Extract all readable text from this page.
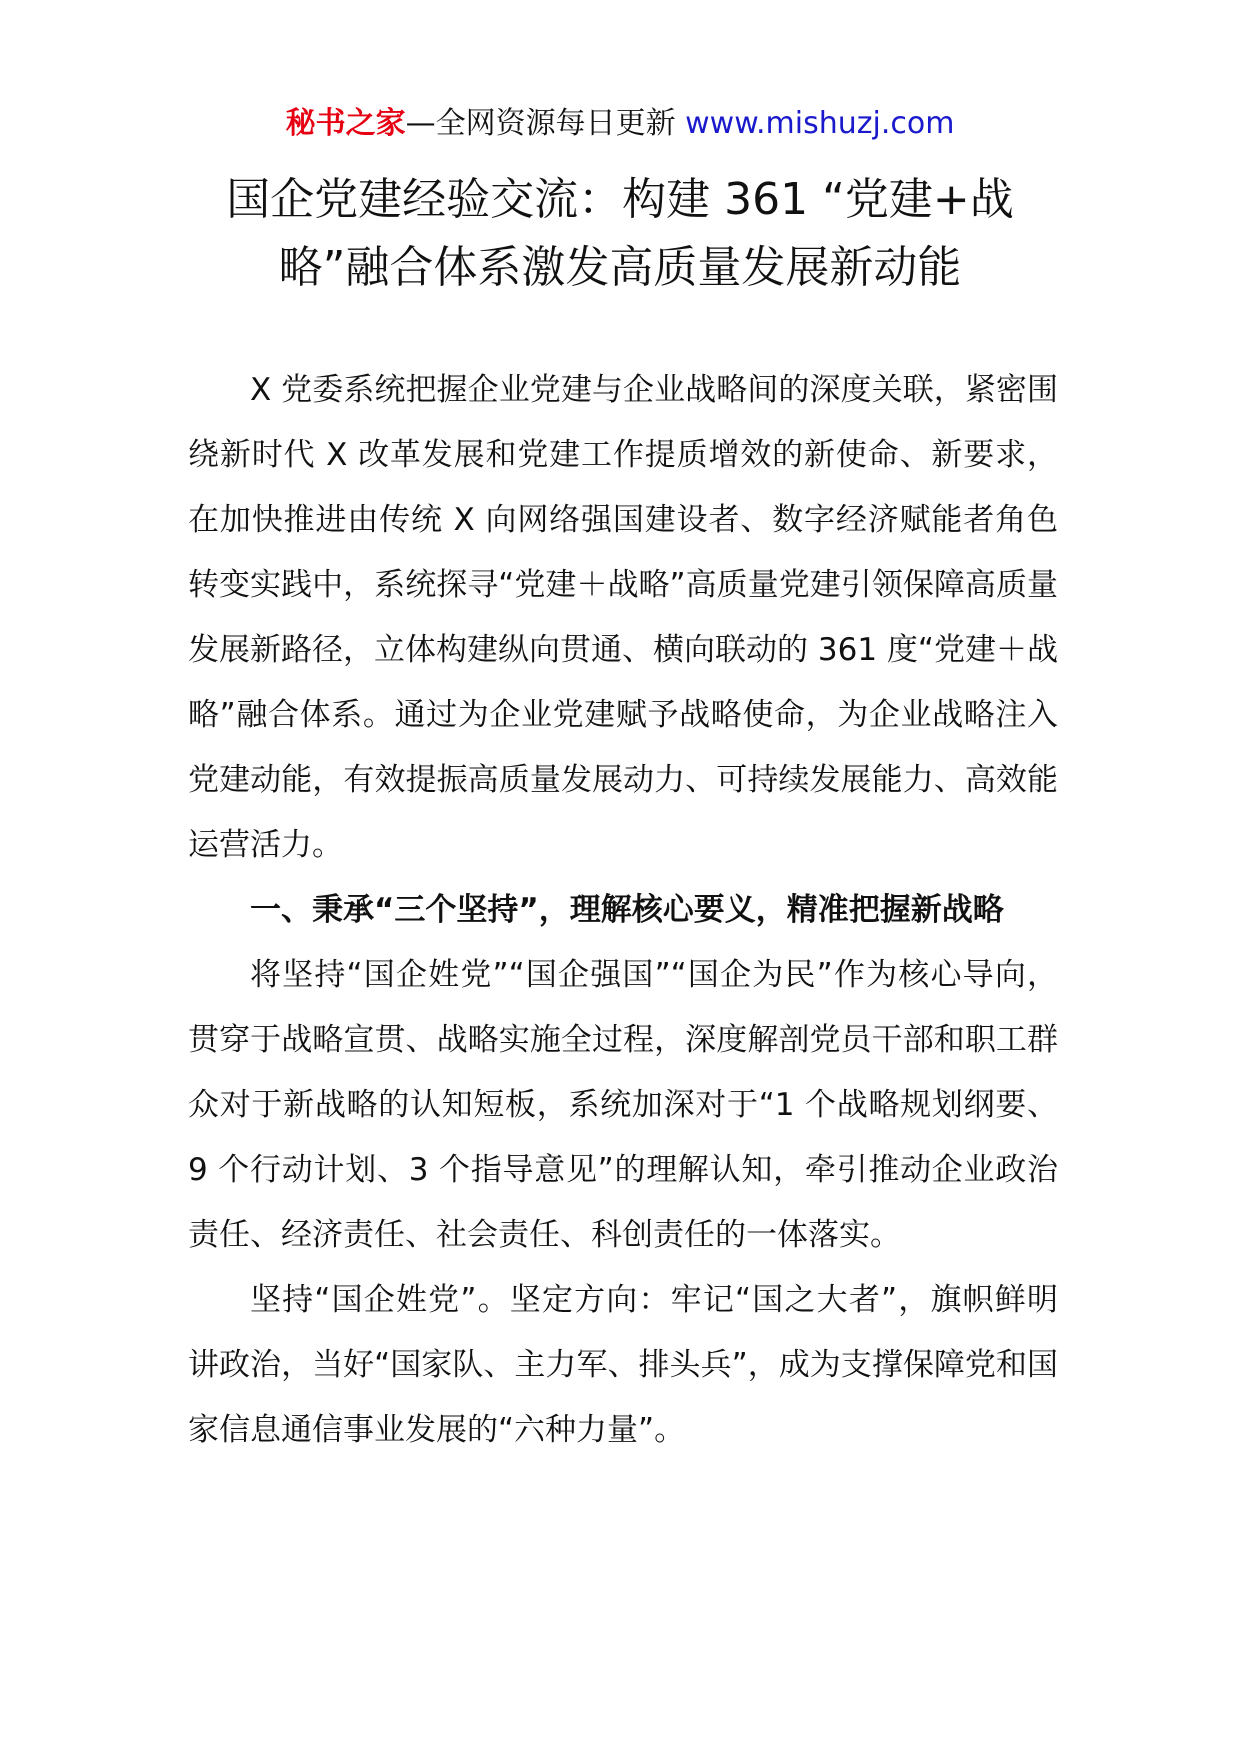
秘书之家—全网资源每日更新 www.mishuzj.com
国企党建经验交流：构建 361 “党建+战
略”融合体系激发高质量发展新动能

X 党委系统把握企业党建与企业战略间的深度关联，紧密围绕新时代 X 改革发展和党建工作提质增效的新使命、新要求，在加快推进由传统 X 向网络强国建设者、数字经济赋能者角色转变实践中，系统探寻“党建＋战略”高质量党建引领保障高质量发展新路径，立体构建纵向贯通、横向联动的 361 度“党建＋战略”融合体系。通过为企业党建赋予战略使命，为企业战略注入党建动能，有效提振高质量发展动力、可持续发展能力、高效能运营活力。

一、秉承“三个坚持”，理解核心要义，精准把握新战略

将坚持“国企姓党”“国企强国”“国企为民”作为核心导向，贯穿于战略宣贯、战略实施全过程，深度解剖党员干部和职工群众对于新战略的认知短板，系统加深对于“1 个战略规划纲要、9 个行动计划、3 个指导意见”的理解认知，牵引推动企业政治责任、经济责任、社会责任、科创责任的一体落实。

坚持“国企姓党”。坚定方向：牢记“国之大者”，旗帜鲜明讲政治，当好“国家队、主力军、排头兵”，成为支撑保障党和国家信息通信事业发展的“六种力量”。
